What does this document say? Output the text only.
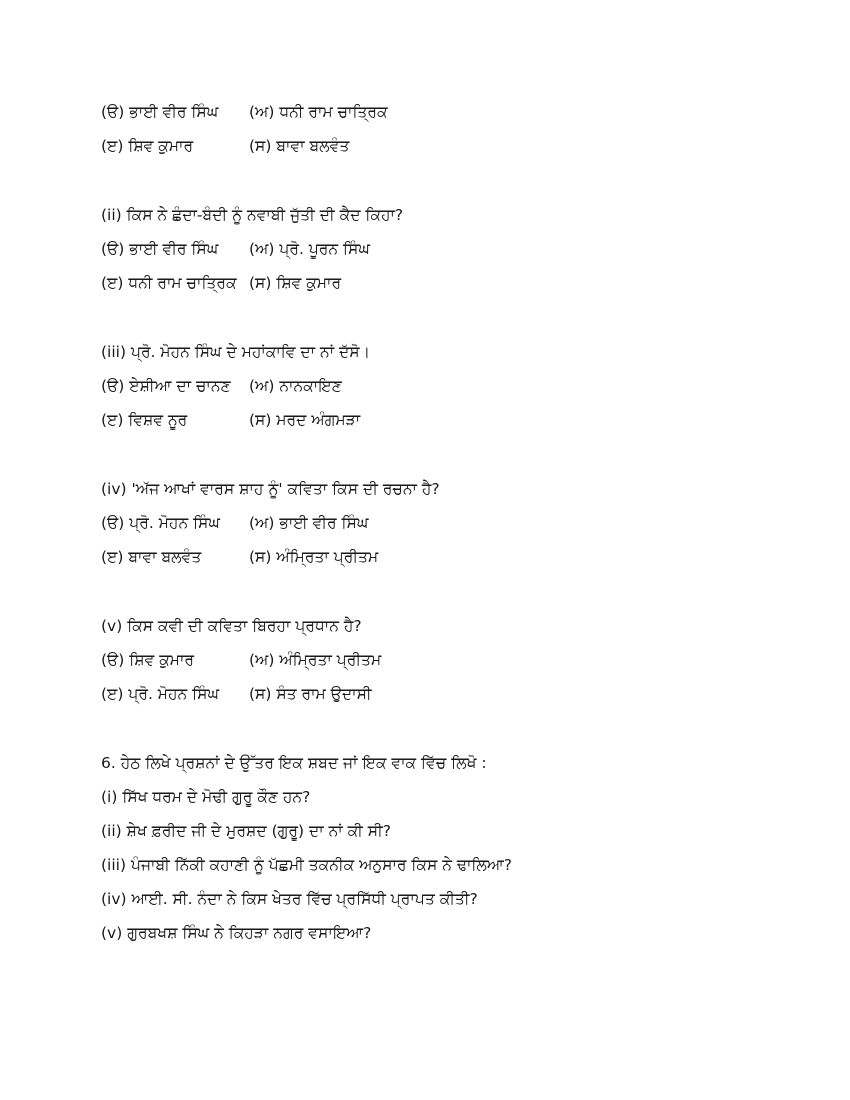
(ੳ) ਭਾਈ ਵੀਰ ਸਿੰਘ (ਅ) ਧਨੀ ਰਾਮ ਚਾਤ੍ਰਿਕ
(ੲ) ਸ਼ਿਵ ਕੁਮਾਰ	(ਸ) ਬਾਵਾ ਬਲਵੰਤ
(ii) ਕਿਸ ਨੇ ਛੰਦਾ-ਬੰਦੀ ਨੂੰ ਨਵਾਬੀ ਜੁੱਤੀ ਦੀ ਕੈਦ ਕਿਹਾ?
(ੳ) ਭਾਈ ਵੀਰ ਸਿੰਘ (ਅ) ਪ੍ਰੋ. ਪੂਰਨ ਸਿੰਘ
(ੲ) ਧਨੀ ਰਾਮ ਚਾਤ੍ਰਿਕ (ਸ) ਸ਼ਿਵ ਕੁਮਾਰ
(iii) ਪ੍ਰੋ. ਮੋਹਨ ਸਿੰਘ ਦੇ ਮਹਾਂਕਾਵਿ ਦਾ ਨਾਂ ਦੱਸੋ।
(ੳ) ਏਸ਼ੀਆ ਦਾ ਚਾਨਣ (ਅ) ਨਾਨਕਾਇਣ
(ੲ) ਵਿਸ਼ਵ ਨੂਰ	(ਸ) ਮਰਦ ਅੰਗਮੜਾ
(iv) 'ਅੱਜ ਆਖਾਂ ਵਾਰਸ ਸ਼ਾਹ ਨੂੰ' ਕਵਿਤਾ ਕਿਸ ਦੀ ਰਚਨਾ ਹੈ?
(ੳ) ਪ੍ਰੋ. ਮੋਹਨ ਸਿੰਘ (ਅ) ਭਾਈ ਵੀਰ ਸਿੰਘ
(ੲ) ਬਾਵਾ ਬਲਵੰਤ	(ਸ) ਅੰਮ੍ਰਿਤਾ ਪ੍ਰੀਤਮ
(v) ਕਿਸ ਕਵੀ ਦੀ ਕਵਿਤਾ ਬਿਰਹਾ ਪ੍ਰਧਾਨ ਹੈ?
(ੳ) ਸ਼ਿਵ ਕੁਮਾਰ	(ਅ) ਅੰਮ੍ਰਿਤਾ ਪ੍ਰੀਤਮ
(ੲ) ਪ੍ਰੋ. ਮੋਹਨ ਸਿੰਘ (ਸ) ਸੰਤ ਰਾਮ ਉਦਾਸੀ
6. ਹੇਠ ਲਿਖੇ ਪ੍ਰਸ਼ਨਾਂ ਦੇ ਉੱਤਰ ਇਕ ਸ਼ਬਦ ਜਾਂ ਇਕ ਵਾਕ ਵਿੱਚ ਲਿਖੋ :
(i) ਸਿੱਖ ਧਰਮ ਦੇ ਮੋਢੀ ਗੁਰੂ ਕੌਣ ਹਨ?
(ii) ਸ਼ੇਖ ਫ਼ਰੀਦ ਜੀ ਦੇ ਮੁਰਸ਼ਦ (ਗੁਰੂ) ਦਾ ਨਾਂ ਕੀ ਸੀ?
(iii) ਪੰਜਾਬੀ ਨਿੱਕੀ ਕਹਾਣੀ ਨੂੰ ਪੱਛਮੀ ਤਕਨੀਕ ਅਨੁਸਾਰ ਕਿਸ ਨੇ ਢਾਲਿਆ?
(iv) ਆਈ. ਸੀ. ਨੰਦਾ ਨੇ ਕਿਸ ਖੇਤਰ ਵਿੱਚ ਪ੍ਰਸਿੱਧੀ ਪ੍ਰਾਪਤ ਕੀਤੀ?
(v) ਗੁਰਬਖਸ਼ ਸਿੰਘ ਨੇ ਕਿਹੜਾ ਨਗਰ ਵਸਾਇਆ?
